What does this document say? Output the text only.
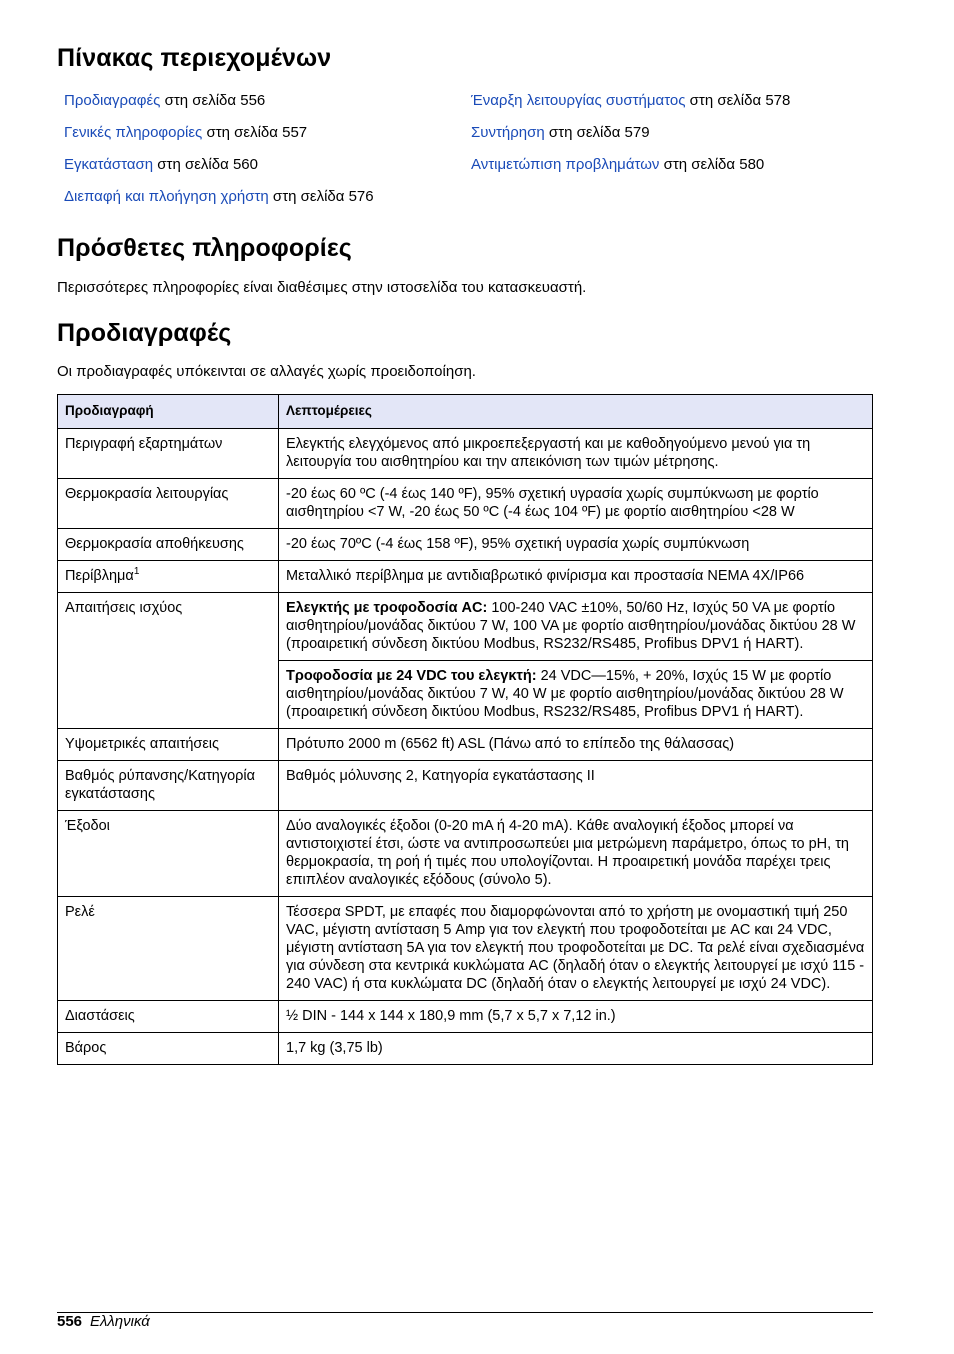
Πίνακας περιεχομένων
Προδιαγραφές στη σελίδα 556
Γενικές πληροφορίες στη σελίδα 557
Εγκατάσταση στη σελίδα 560
Διεπαφή και πλοήγηση χρήστη στη σελίδα 576
Έναρξη λειτουργίας συστήματος στη σελίδα 578
Συντήρηση στη σελίδα 579
Αντιμετώπιση προβλημάτων στη σελίδα 580
Πρόσθετες πληροφορίες

Περισσότερες πληροφορίες είναι διαθέσιμες στην ιστοσελίδα του κατασκευαστή.

Προδιαγραφές

Οι προδιαγραφές υπόκεινται σε αλλαγές χωρίς προειδοποίηση.

Προδιαγραφή	Λεπτομέρειες
Περιγραφή εξαρτημάτων	Ελεγκτής ελεγχόμενος από μικροεπεξεργαστή και με καθοδηγούμενο μενού για τη λειτουργία του αισθητηρίου και την απεικόνιση των τιμών μέτρησης.
Θερμοκρασία λειτουργίας	-20 έως 60 ºC (-4 έως 140 ºF), 95% σχετική υγρασία χωρίς συμπύκνωση με φορτίο αισθητηρίου <7 W, -20 έως 50 ºC (-4 έως 104 ºF) με φορτίο αισθητηρίου <28 W
Θερμοκρασία αποθήκευσης	-20 έως 70ºC (-4 έως 158 ºF), 95% σχετική υγρασία χωρίς συμπύκνωση
Περίβλημα$^1$	Μεταλλικό περίβλημα με αντιδιαβρωτικό φινίρισμα και προστασία NEMA 4X/IP66
Απαιτήσεις ισχύος	Ελεγκτής με τροφοδοσία AC: 100-240 VAC ±10%, 50/60 Hz, Ισχύς 50 VA με φορτίο αισθητηρίου/μονάδας δικτύου 7 W, 100 VA με φορτίο αισθητηρίου/μονάδας δικτύου 28 W (προαιρετική σύνδεση δικτύου Modbus, RS232/RS485, Profibus DPV1 ή HART).
Τροφοδοσία με 24 VDC του ελεγκτή: 24 VDC—15%, + 20%, Ισχύς 15 W με φορτίο αισθητηρίου/μονάδας δικτύου 7 W, 40 W με φορτίο αισθητηρίου/μονάδας δικτύου 28 W (προαιρετική σύνδεση δικτύου Modbus, RS232/RS485, Profibus DPV1 ή HART).

Υψομετρικές απαιτήσεις	Πρότυπο 2000 m (6562 ft) ASL (Πάνω από το επίπεδο της θάλασσας)
Βαθμός ρύπανσης/Κατηγορία εγκατάστασης	Βαθμός μόλυνσης 2, Κατηγορία εγκατάστασης II
Έξοδοι	Δύο αναλογικές έξοδοι (0-20 mA ή 4-20 mA). Κάθε αναλογική έξοδος μπορεί να αντιστοιχιστεί έτσι, ώστε να αντιπροσωπεύει μια μετρώμενη παράμετρο, όπως το pH, τη θερμοκρασία, τη ροή ή τιμές που υπολογίζονται. Η προαιρετική μονάδα παρέχει τρεις επιπλέον αναλογικές εξόδους (σύνολο 5).
Ρελέ	Τέσσερα SPDT, με επαφές που διαμορφώνονται από το χρήστη με ονομαστική τιμή 250 VAC, μέγιστη αντίσταση 5 Amp για τον ελεγκτή που τροφοδοτείται με AC και 24 VDC, μέγιστη αντίσταση 5A για τον ελεγκτή που τροφοδοτείται με DC. Τα ρελέ είναι σχεδιασμένα για σύνδεση στα κεντρικά κυκλώματα AC (δηλαδή όταν ο ελεγκτής λειτουργεί με ισχύ 115 - 240 VAC) ή στα κυκλώματα DC (δηλαδή όταν ο ελεγκτής λειτουργεί με ισχύ 24 VDC).
Διαστάσεις	½ DIN - 144 x 144 x 180,9 mm (5,7 x 5,7 x 7,12 in.)
Βάρος	1,7 kg (3,75 lb)
556 Ελληνικά
